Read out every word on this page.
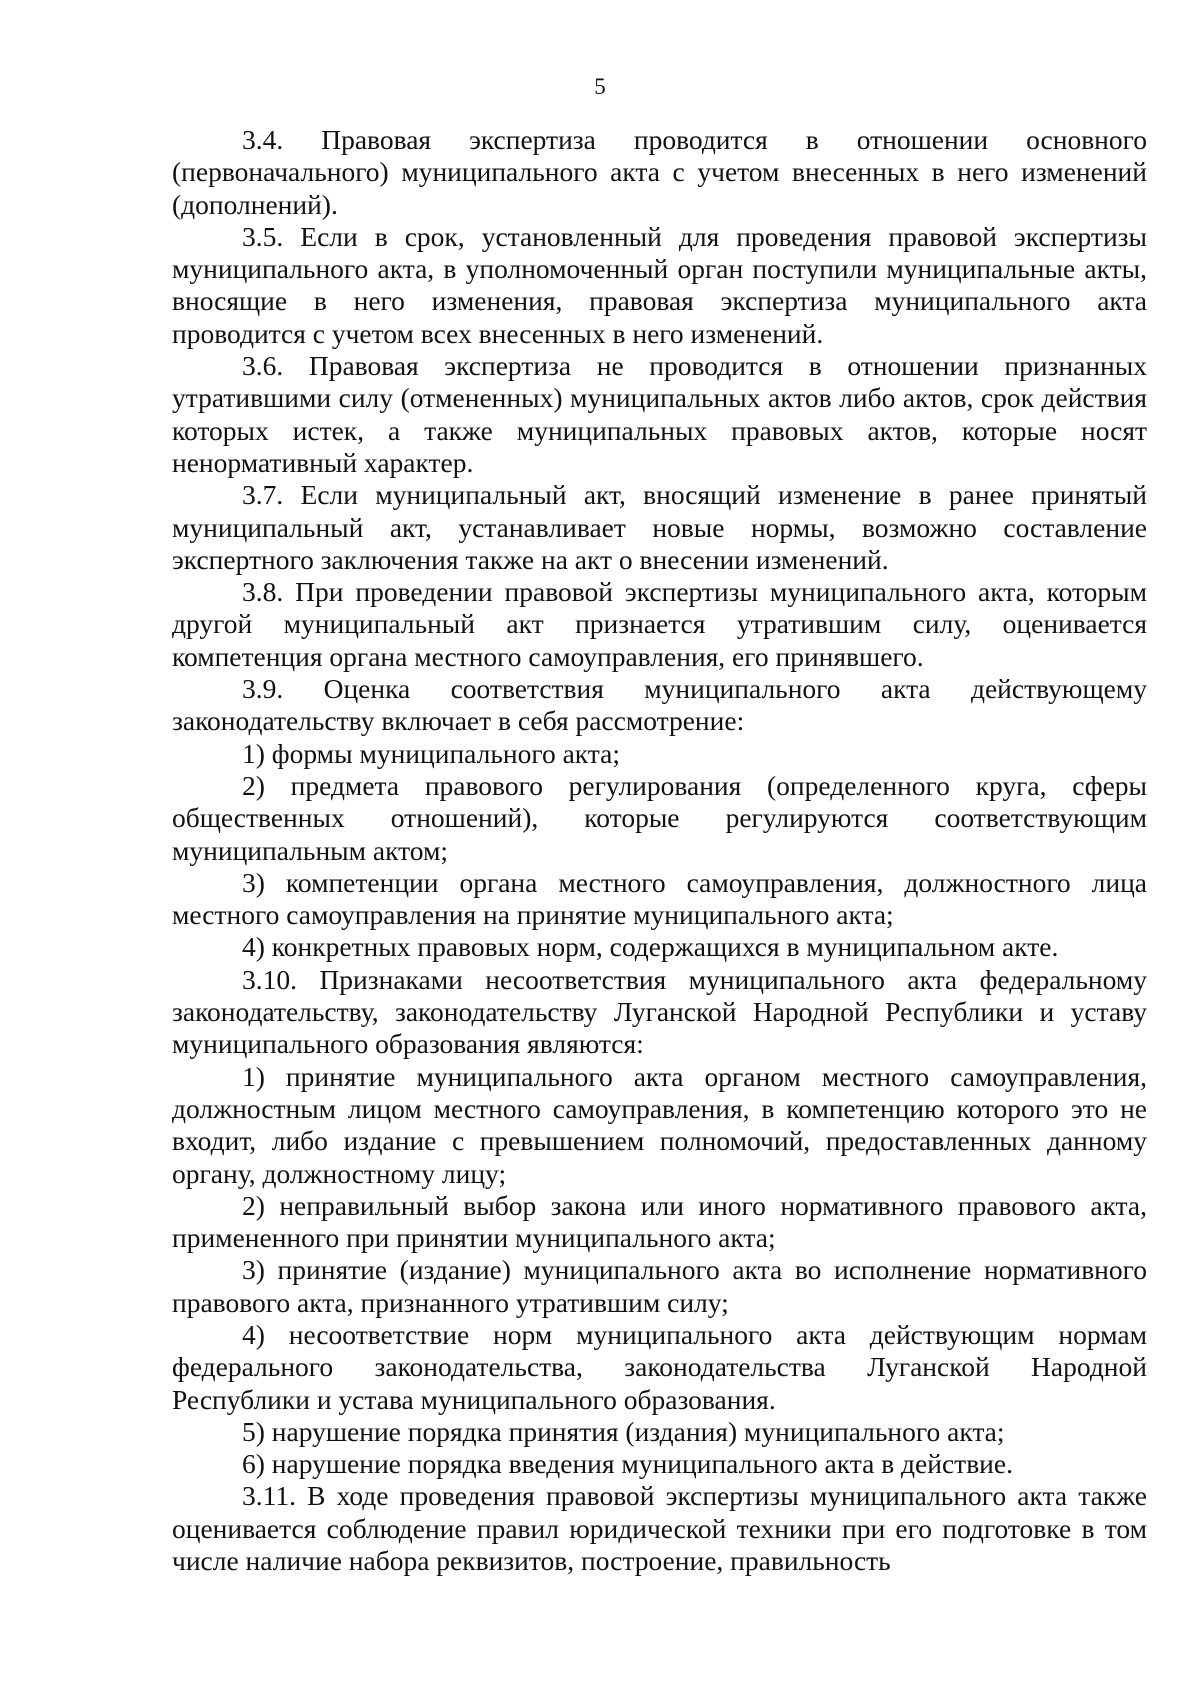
5

3.4. Правовая экспертиза проводится в отношении основного (первоначального) муниципального акта с учетом внесенных в него изменений (дополнений).

3.5. Если в срок, установленный для проведения правовой экспертизы муниципального акта, в уполномоченный орган поступили муниципальные акты, вносящие в него изменения, правовая экспертиза муниципального акта проводится с учетом всех внесенных в него изменений.

3.6. Правовая экспертиза не проводится в отношении признанных утратившими силу (отмененных) муниципальных актов либо актов, срок действия которых истек, а также муниципальных правовых актов, которые носят ненормативный характер.

3.7. Если муниципальный акт, вносящий изменение в ранее принятый муниципальный акт, устанавливает новые нормы, возможно составление экспертного заключения также на акт о внесении изменений.

3.8. При проведении правовой экспертизы муниципального акта, которым другой муниципальный акт признается утратившим силу, оценивается компетенция органа местного самоуправления, его принявшего.

3.9. Оценка соответствия муниципального акта действующему законодательству включает в себя рассмотрение:

1) формы муниципального акта;

2) предмета правового регулирования (определенного круга, сферы общественных отношений), которые регулируются соответствующим муниципальным актом;

3) компетенции органа местного самоуправления, должностного лица местного самоуправления на принятие муниципального акта;

4) конкретных правовых норм, содержащихся в муниципальном акте.

3.10. Признаками несоответствия муниципального акта федеральному законодательству, законодательству Луганской Народной Республики и уставу муниципального образования являются:

1) принятие муниципального акта органом местного самоуправления, должностным лицом местного самоуправления, в компетенцию которого это не входит, либо издание с превышением полномочий, предоставленных данному органу, должностному лицу;

2) неправильный выбор закона или иного нормативного правового акта, примененного при принятии муниципального акта;

3) принятие (издание) муниципального акта во исполнение нормативного правового акта, признанного утратившим силу;

4) несоответствие норм муниципального акта действующим нормам федерального законодательства, законодательства Луганской Народной Республики и устава муниципального образования.

5) нарушение порядка принятия (издания) муниципального акта;

6) нарушение порядка введения муниципального акта в действие.

3.11. В ходе проведения правовой экспертизы муниципального акта также оценивается соблюдение правил юридической техники при его подготовке в том числе наличие набора реквизитов, построение, правильность
